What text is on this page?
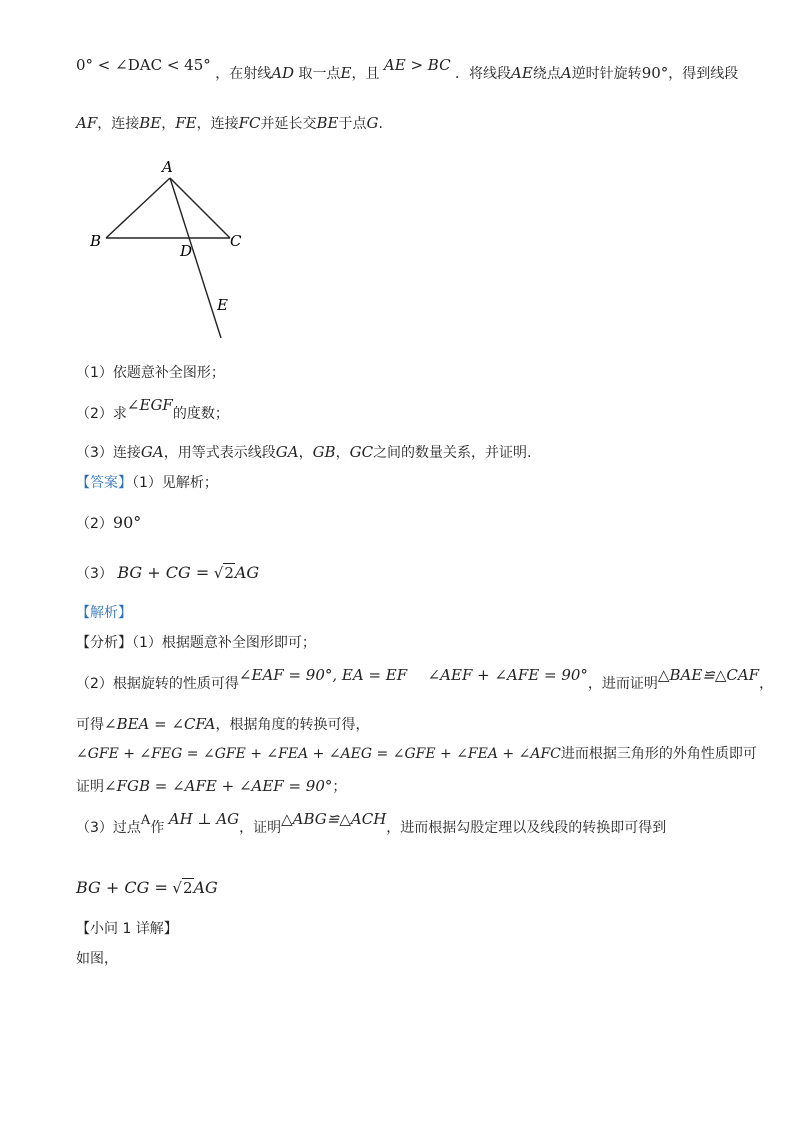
0° < ∠DAC < 45° ，在射线AD 取一点E，且 AE > BC ．将线段AE绕点A逆时针旋转90°，得到线段
AF，连接BE，FE，连接FC并延长交BE于点G.
A
B	C
D
E
（1）依题意补全图形；
（2）求∠EGF的度数；
（3）连接GA，用等式表示线段GA，GB，GC之间的数量关系，并证明.
【答案】（1）见解析；
（2）90°
（3） BG + CG = √2AG
【解析】
【分析】（1）根据题意补全图形即可；
（2）根据旋转的性质可得∠EAF = 90°, EA = EF ∠AEF + ∠AFE = 90°，进而证明△BAE≌△CAF，
可得∠BEA = ∠CFA，根据角度的转换可得，
∠GFE + ∠FEG = ∠GFE + ∠FEA + ∠AEG = ∠GFE + ∠FEA + ∠AFC进而根据三角形的外角性质即可
证明∠FGB = ∠AFE + ∠AEF = 90°；
（3）过点A作 AH ⊥ AG，证明△ABG≌△ACH，进而根据勾股定理以及线段的转换即可得到
BG + CG = √2AG
【小问 1 详解】
如图，
